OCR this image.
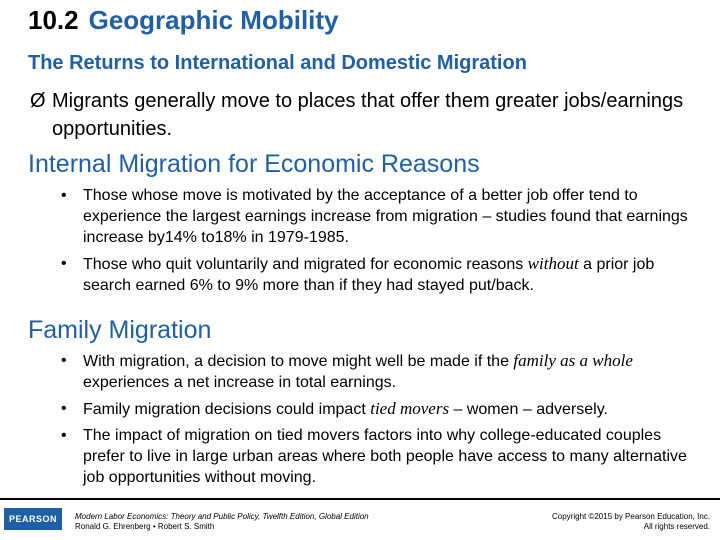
10.2 Geographic Mobility
The Returns to International and Domestic Migration
Ø Migrants generally move to places that offer them greater jobs/earnings opportunities.
Internal Migration for Economic Reasons
• Those whose move is motivated by the acceptance of a better job offer tend to experience the largest earnings increase from migration – studies found that earnings increase by14% to18% in 1979-1985.
• Those who quit voluntarily and migrated for economic reasons without a prior job search earned 6% to 9% more than if they had stayed put/back.
Family Migration
• With migration, a decision to move might well be made if the family as a whole experiences a net increase in total earnings.
• Family migration decisions could impact tied movers – women – adversely.
• The impact of migration on tied movers factors into why college-educated couples prefer to live in large urban areas where both people have access to many alternative job opportunities without moving.
PEARSON	Modern Labor Economics: Theory and Public Policy, Twelfth Edition, Global Edition
Ronald G. Ehrenberg • Robert S. Smith
Copyright ©2015 by Pearson Education, Inc.
All rights reserved.
